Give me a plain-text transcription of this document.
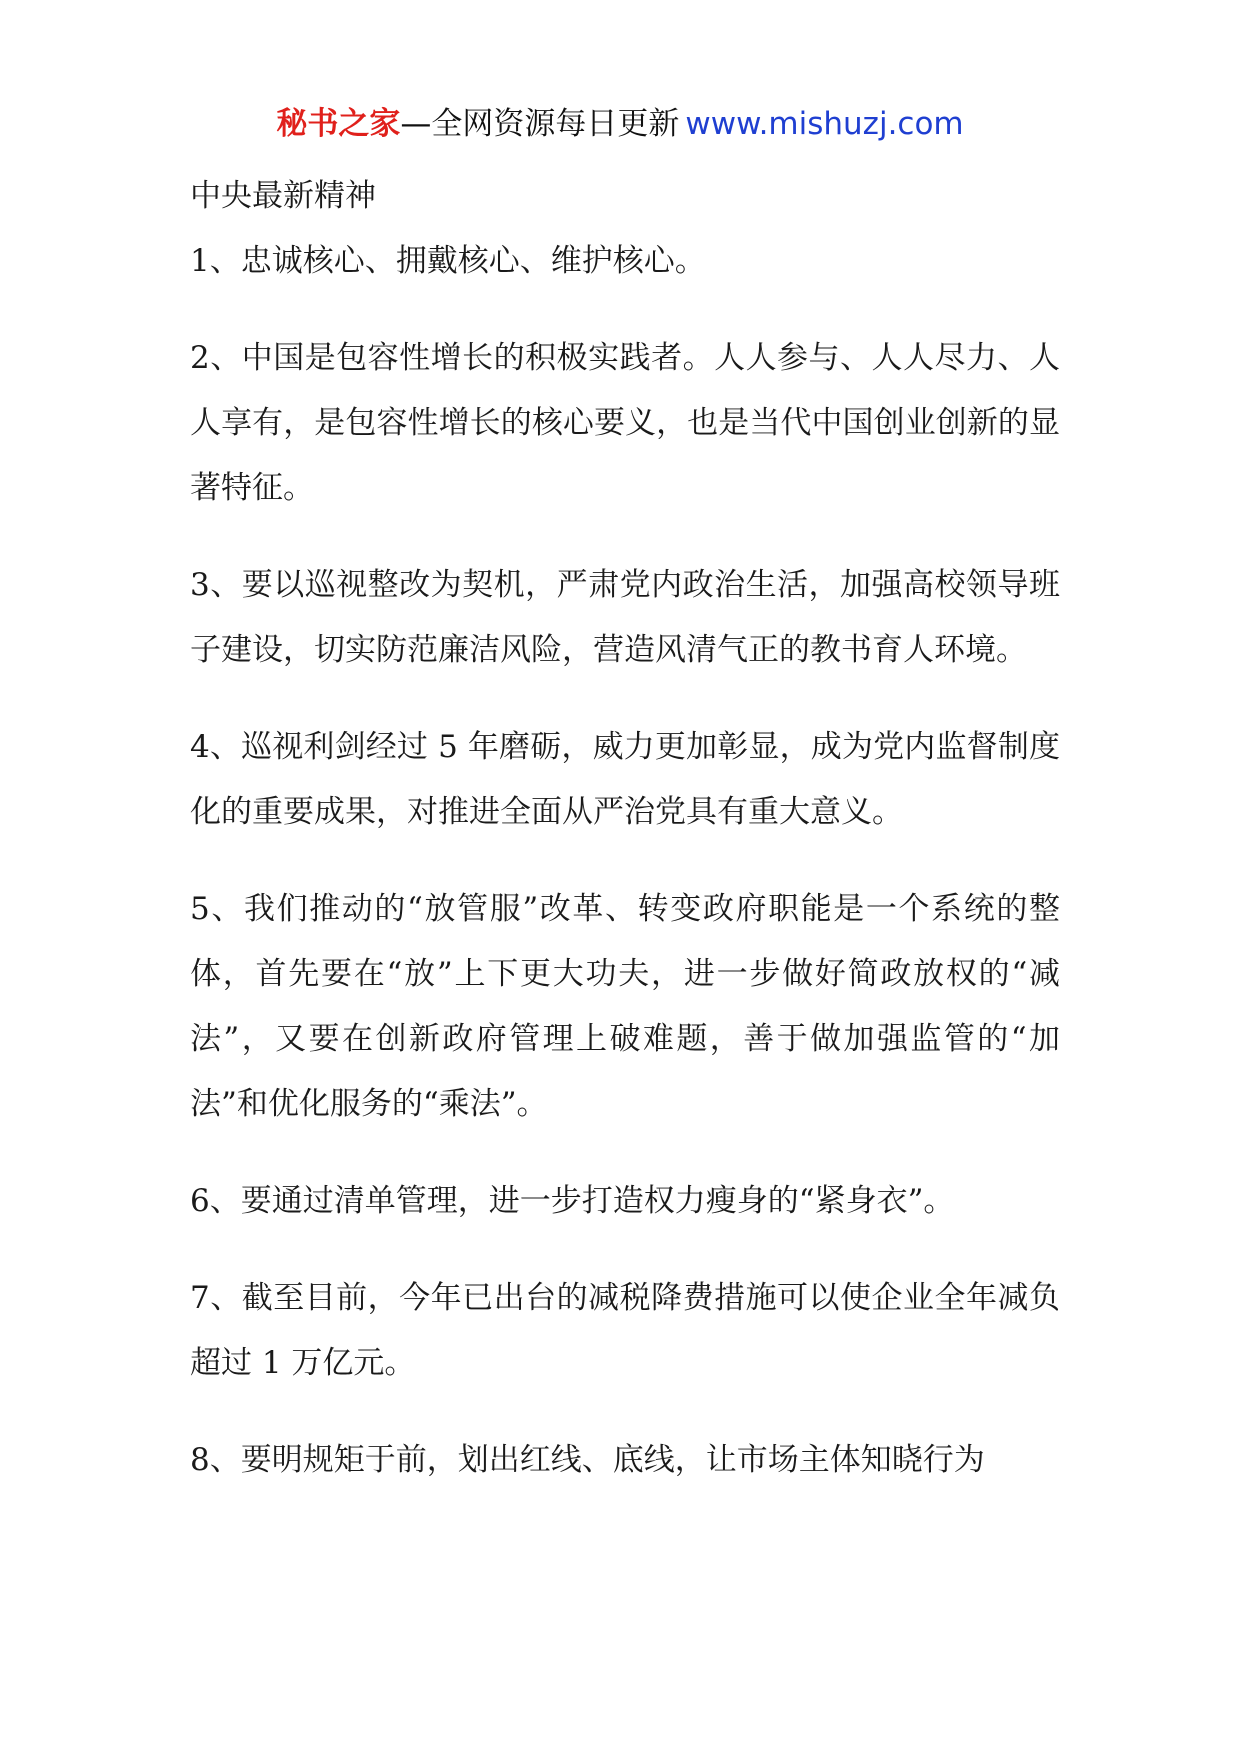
秘书之家—全网资源每日更新 www.mishuzj.com
中央最新精神

1、忠诚核心、拥戴核心、维护核心。

2、中国是包容性增长的积极实践者。人人参与、人人尽力、人人享有，是包容性增长的核心要义，也是当代中国创业创新的显著特征。

3、要以巡视整改为契机，严肃党内政治生活，加强高校领导班子建设，切实防范廉洁风险，营造风清气正的教书育人环境。

4、巡视利剑经过 5 年磨砺，威力更加彰显，成为党内监督制度化的重要成果，对推进全面从严治党具有重大意义。

5、我们推动的“放管服”改革、转变政府职能是一个系统的整体，首先要在“放”上下更大功夫，进一步做好简政放权的“减法”，又要在创新政府管理上破难题，善于做加强监管的“加法”和优化服务的“乘法”。

6、要通过清单管理，进一步打造权力瘦身的“紧身衣”。

7、截至目前，今年已出台的减税降费措施可以使企业全年减负超过 1 万亿元。

8、要明规矩于前，划出红线、底线，让市场主体知晓行为
